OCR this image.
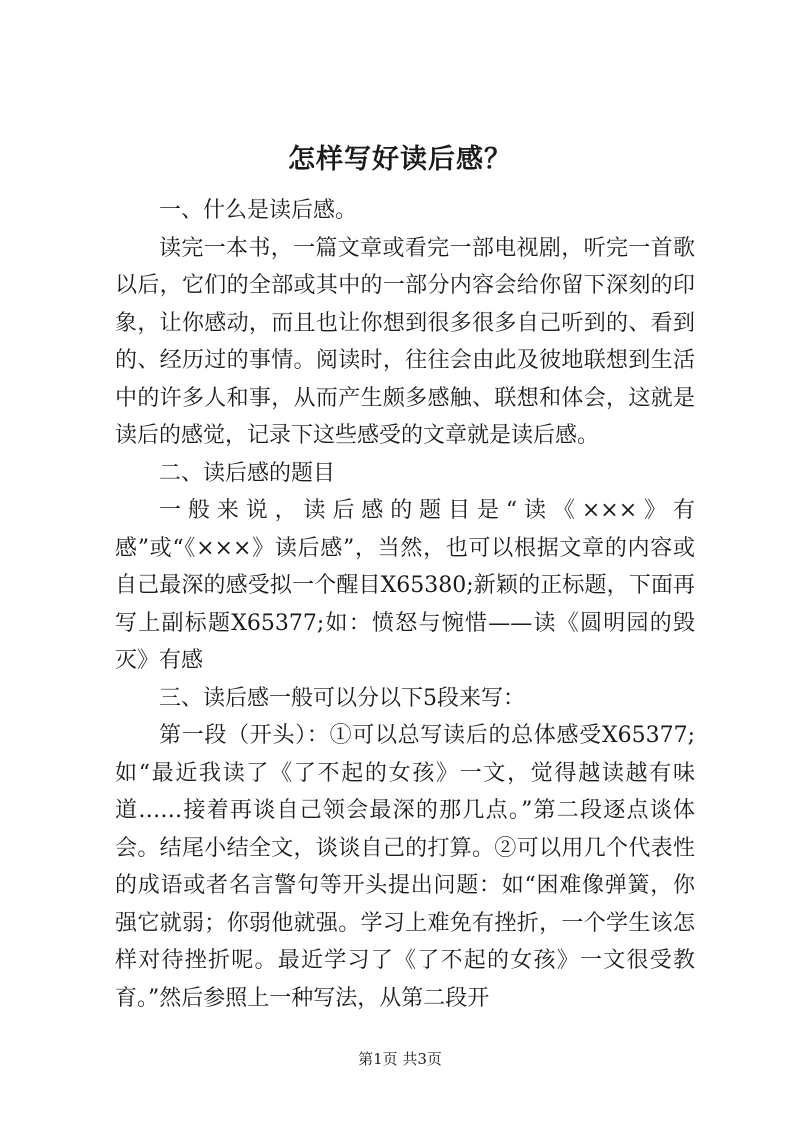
怎样写好读后感？

一、什么是读后感。

读完一本书，一篇文章或看完一部电视剧，听完一首歌以后，它们的全部或其中的一部分内容会给你留下深刻的印象，让你感动，而且也让你想到很多很多自己听到的、看到的、经历过的事情。阅读时，往往会由此及彼地联想到生活中的许多人和事，从而产生颇多感触、联想和体会，这就是读后的感觉，记录下这些感受的文章就是读后感。

二、读后感的题目

一般来说，读后感的题目是“读《×××》有感”或“《×××》读后感”，当然，也可以根据文章的内容或自己最深的感受拟一个醒目X65380;新颖的正标题，下面再写上副标题X65377;如：愤怒与惋惜——读《圆明园的毁灭》有感

三、读后感一般可以分以下5段来写：

第一段（开头）：①可以总写读后的总体感受X65377;如“最近我读了《了不起的女孩》一文，觉得越读越有味道……接着再谈自己领会最深的那几点。”第二段逐点谈体会。结尾小结全文，谈谈自己的打算。②可以用几个代表性的成语或者名言警句等开头提出问题：如“困难像弹簧，你强它就弱；你弱他就强。学习上难免有挫折，一个学生该怎样对待挫折呢。最近学习了《了不起的女孩》一文很受教育。”然后参照上一种写法，从第二段开

第1页 共3页
